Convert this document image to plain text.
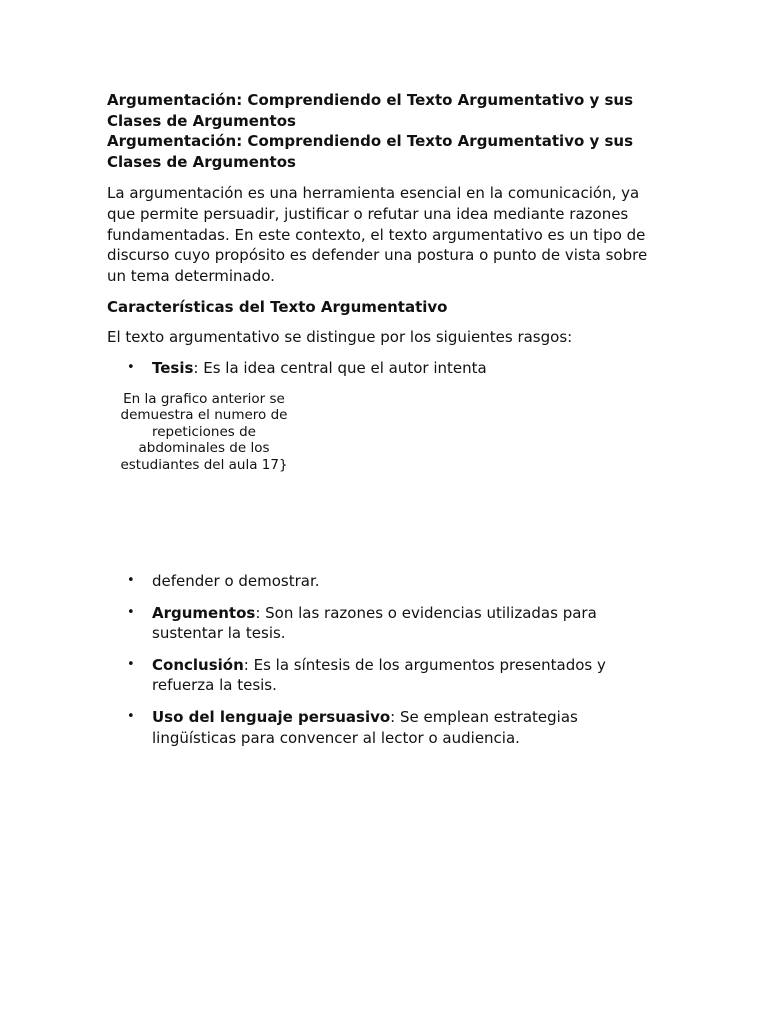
Argumentación: Comprendiendo el Texto Argumentativo y sus Clases de Argumentos

Argumentación: Comprendiendo el Texto Argumentativo y sus Clases de Argumentos

La argumentación es una herramienta esencial en la comunicación, ya que permite persuadir, justificar o refutar una idea mediante razones fundamentadas. En este contexto, el texto argumentativo es un tipo de discurso cuyo propósito es defender una postura o punto de vista sobre un tema determinado.

Características del Texto Argumentativo

El texto argumentativo se distingue por los siguientes rasgos:

• Tesis: Es la idea central que el autor intenta

En la grafico anterior se demuestra el numero de repeticiones de abdominales de los estudiantes del aula 17}

• defender o demostrar.
• Argumentos: Son las razones o evidencias utilizadas para sustentar la tesis.
• Conclusión: Es la síntesis de los argumentos presentados y refuerza la tesis.
• Uso del lenguaje persuasivo: Se emplean estrategias lingüísticas para convencer al lector o audiencia.
